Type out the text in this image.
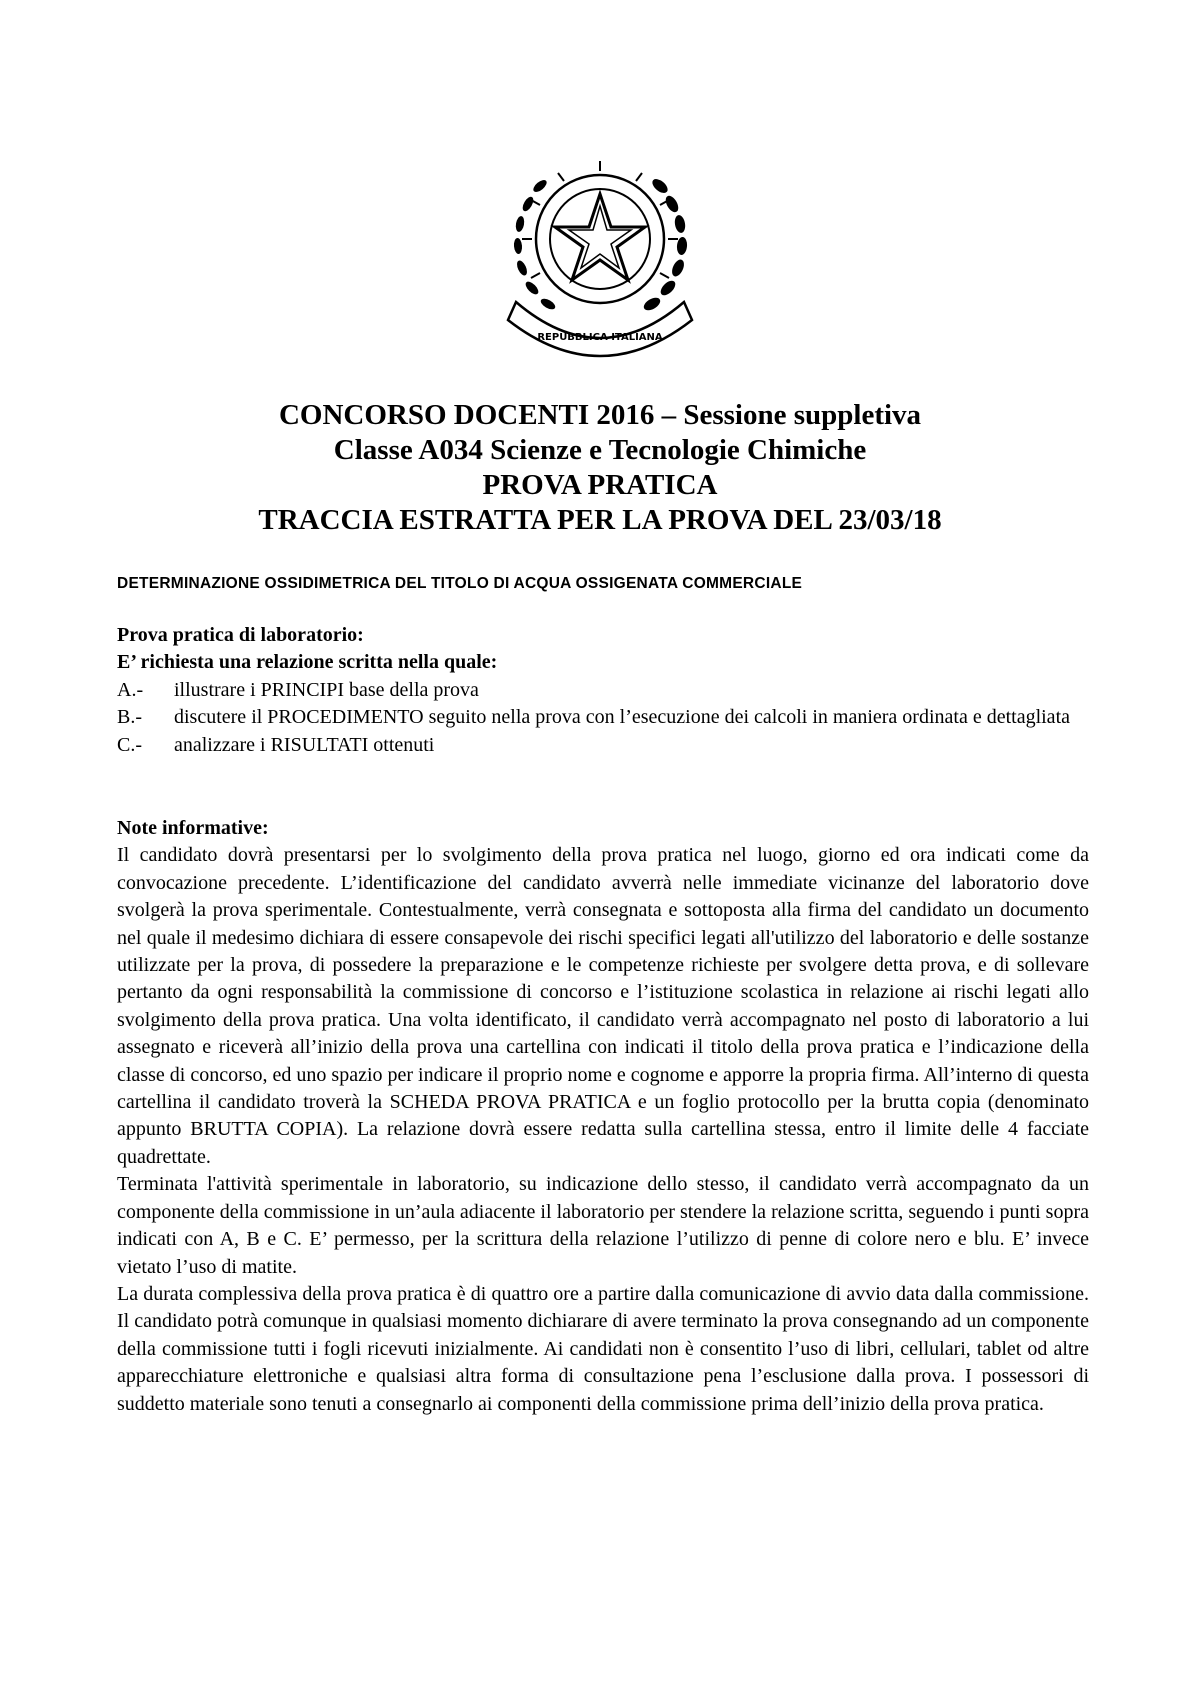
REPUBBLICA ITALIANA
CONCORSO DOCENTI 2016 – Sessione suppletiva
Classe A034 Scienze e Tecnologie Chimiche
PROVA PRATICA
TRACCIA ESTRATTA PER LA PROVA DEL 23/03/18
DETERMINAZIONE OSSIDIMETRICA DEL TITOLO DI ACQUA OSSIGENATA COMMERCIALE
Prova pratica di laboratorio:
E’ richiesta una relazione scritta nella quale:
A.-	illustrare i PRINCIPI base della prova
B.-	discutere il PROCEDIMENTO seguito nella prova con l’esecuzione dei calcoli in maniera ordinata e dettagliata
C.-	analizzare i RISULTATI ottenuti
Note informative:
Il candidato dovrà presentarsi per lo svolgimento della prova pratica nel luogo, giorno ed ora indicati come da convocazione precedente. L’identificazione del candidato avverrà nelle immediate vicinanze del laboratorio dove svolgerà la prova sperimentale. Contestualmente, verrà consegnata e sottoposta alla firma del candidato un documento nel quale il medesimo dichiara di essere consapevole dei rischi specifici legati all'utilizzo del laboratorio e delle sostanze utilizzate per la prova, di possedere la preparazione e le competenze richieste per svolgere detta prova, e di sollevare pertanto da ogni responsabilità la commissione di concorso e l’istituzione scolastica in relazione ai rischi legati allo svolgimento della prova pratica. Una volta identificato, il candidato verrà accompagnato nel posto di laboratorio a lui assegnato e riceverà all’inizio della prova una cartellina con indicati il titolo della prova pratica e l’indicazione della classe di concorso, ed uno spazio per indicare il proprio nome e cognome e apporre la propria firma. All’interno di questa cartellina il candidato troverà la SCHEDA PROVA PRATICA e un foglio protocollo per la brutta copia (denominato appunto BRUTTA COPIA). La relazione dovrà essere redatta sulla cartellina stessa, entro il limite delle 4 facciate quadrettate.
Terminata l'attività sperimentale in laboratorio, su indicazione dello stesso, il candidato verrà accompagnato da un componente della commissione in un’aula adiacente il laboratorio per stendere la relazione scritta, seguendo i punti sopra indicati con A, B e C. E’ permesso, per la scrittura della relazione l’utilizzo di penne di colore nero e blu. E’ invece vietato l’uso di matite.
La durata complessiva della prova pratica è di quattro ore a partire dalla comunicazione di avvio data dalla commissione. Il candidato potrà comunque in qualsiasi momento dichiarare di avere terminato la prova consegnando ad un componente della commissione tutti i fogli ricevuti inizialmente. Ai candidati non è consentito l’uso di libri, cellulari, tablet od altre apparecchiature elettroniche e qualsiasi altra forma di consultazione pena l’esclusione dalla prova. I possessori di suddetto materiale sono tenuti a consegnarlo ai componenti della commissione prima dell’inizio della prova pratica.
